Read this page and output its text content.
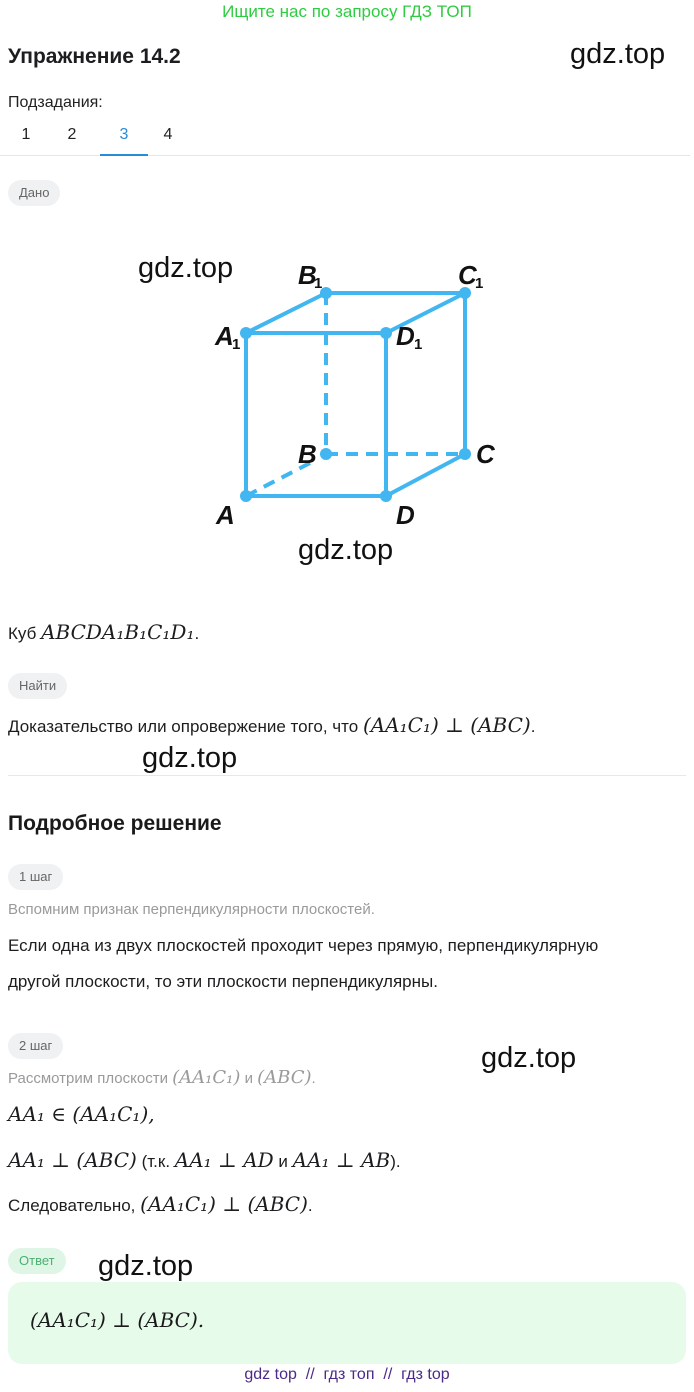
Ищите нас по запросу ГДЗ ТОП
Упражнение 14.2	gdz.top
Подзадания:
1	2	3	4
Дано
gdz.top B
1	C
1
A
1	D 1
B	C
A	D
gdz.top
Куб ABCDA₁B₁C₁D₁.
Найти
Доказательство или опровержение того, что (AA₁C₁) ⊥ (ABC).
gdz.top
Подробное решение
1 шаг
Вспомним признак перпендикулярности плоскостей.
Если одна из двух плоскостей проходит через прямую, перпендикулярную
другой плоскости, то эти плоскости перпендикулярны.
2 шаг	gdz.top
Рассмотрим плоскости (AA₁C₁) и (ABC).
AA₁ ∈ (AA₁C₁),
AA₁ ⊥ (ABC) (т.к. AA₁ ⊥ AD и AA₁ ⊥ AB).
Следовательно, (AA₁C₁) ⊥ (ABC).
Ответ	gdz.top
(AA₁C₁) ⊥ (ABC).
gdz top  //  гдз топ  //  гдз top
